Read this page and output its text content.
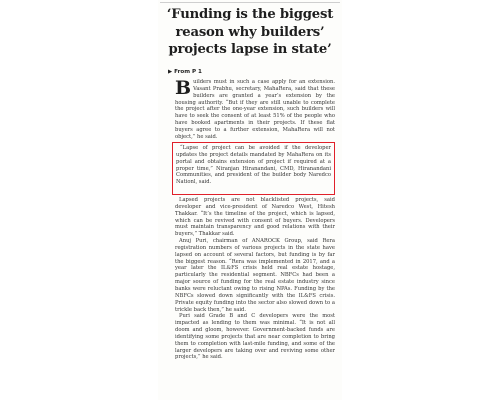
‘Funding is the biggest reason why builders’ projects lapse in state’
▶ From P 1

Builders must in such a case apply for an extension. Vasant Prabhu, secretary, MahaRera, said that these builders are granted a year’s extension by the housing authority. “But if they are still unable to complete the project after the one-year extension, such builders will have to seek the consent of at least 51% of the people who have booked apartments in their projects. If these flat buyers agree to a further extension, MahaRera will not object,” he said.

“Lapse of project can be avoided if the developer updates the project details mandated by MahaRera on its portal and obtains extension of project if required at a proper time,” Niranjan Hiranandani, CMD, Hiranandani Communities, and president of the builder body Naredco Nationl, said.

Lapsed projects are not blacklisted projects, said developer and vice-president of Naredco West, Hitesh Thakkar. “It’s the timeline of the project, which is lapsed, which can be revived with consent of buyers. Developers must maintain transparency and good relations with their buyers,” Thakkar said.

Anuj Puri, chairman of ANAROCK Group, said Rera registration numbers of various projects in the state have lapsed on account of several factors, but funding is by far the biggest reason. “Rera was implemented in 2017, and a year later the IL&FS crisis held real estate hostage, particularly the residential segment. NBFCs had been a major source of funding for the real estate industry since banks were reluctant owing to rising NPAs. Funding by the NBFCs slowed down significantly with the IL&FS crisis. Private equity funding into the sector also slowed down to a trickle back then,” he said.

Puri said Grade B and C developers were the most impacted as lending to them was minimal. “It is not all doom and gloom, however. Government-backed funds are identifying some projects that are near completion to bring them to completion with last-mile funding, and some of the larger developers are taking over and reviving some other projects,” he said.
